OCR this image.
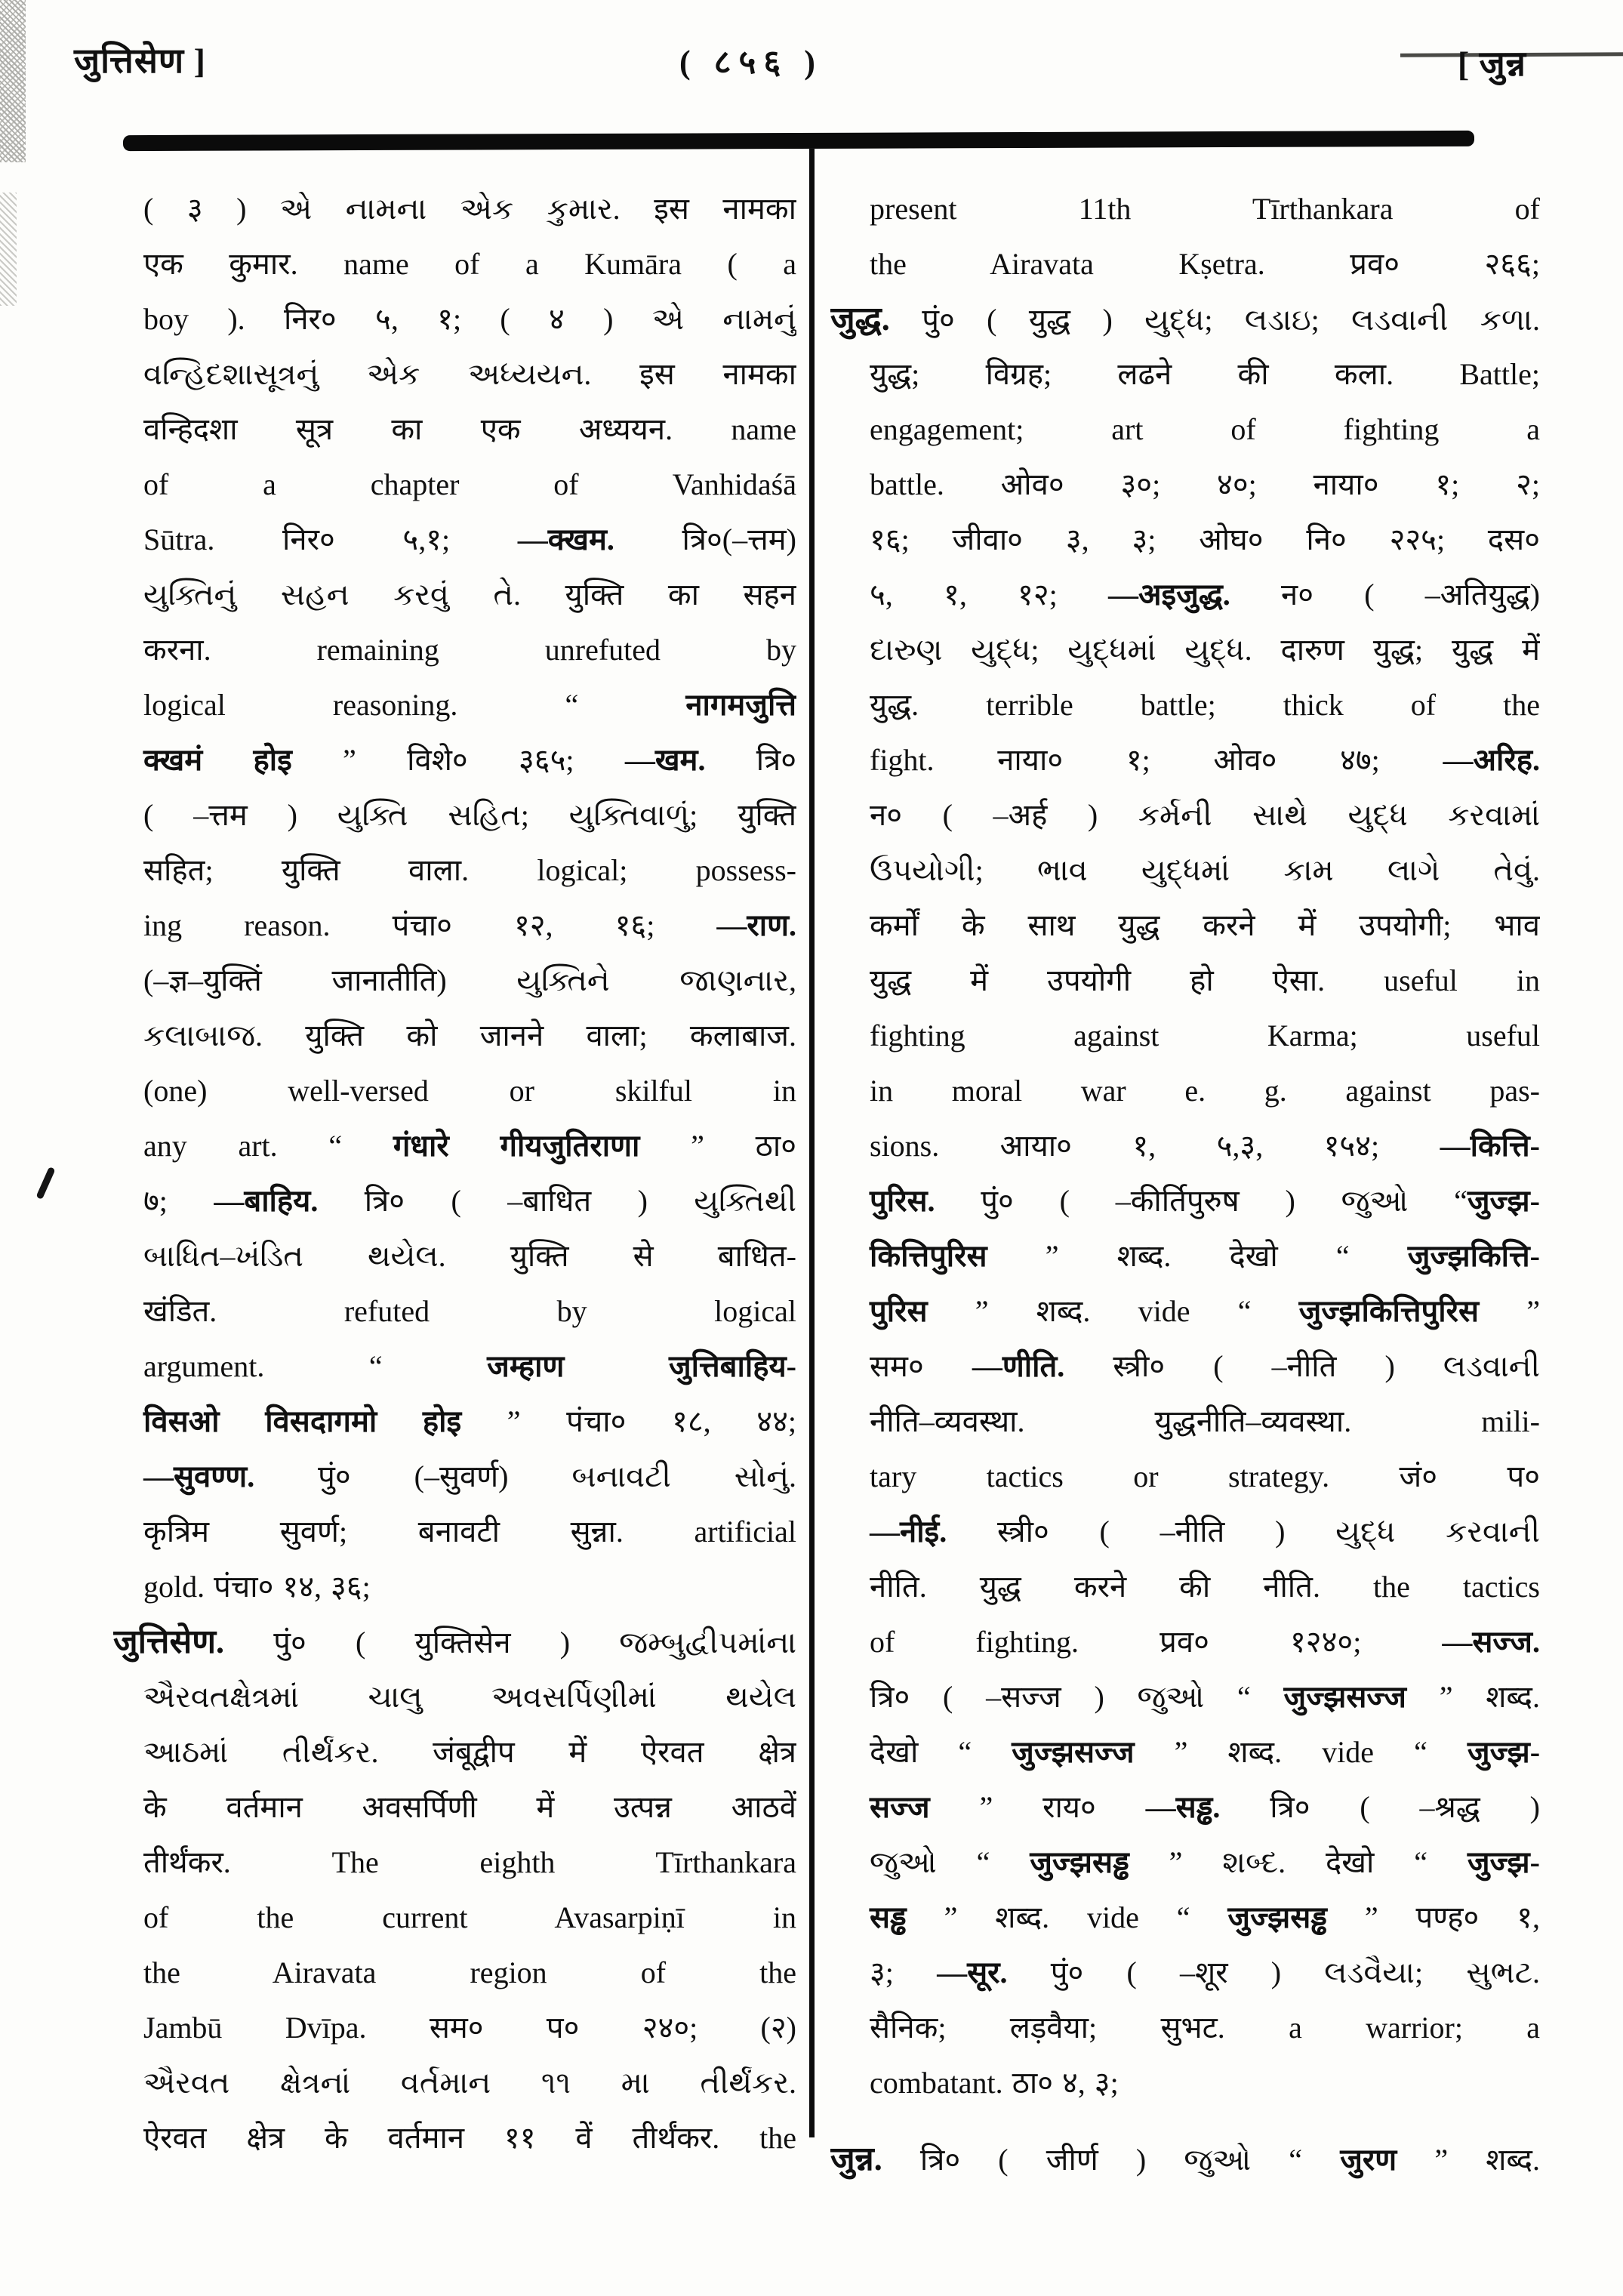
जुत्तिसेण ]	( ८५६ )	[ जुन्न
( ३ ) એ નામના એક કુમાર. इस नामका
एक कुमार. name of a Kumāra ( a
boy ). निर० ५, १; ( ४ ) એ નામનું
વન્હિદશાસૂત્રનું એક અધ્યયન. इस नामका
वन्हिदशा सूत्र का एक अध्ययन. name
of a chapter of Vanhidaśā
Sūtra. निर० ५,१; —क्खम. त्रि०(–त्तम)
યુક્તિનું સહન કરવું તે. युक्ति का सहन
करना. remaining unrefuted by
logical reasoning. “ नागमजुत्ति
क्खमं होइ ” विशे० ३६५; —खम. त्रि०
( –त्तम ) યુક્તિ સહિત; યુક્તિવાળું; युक्ति
सहित; युक्ति वाला. logical; possess-
ing reason. पंचा० १२, १६; —राण.
(–ज्ञ–युक्तिं जानातीति) યુક્તિને જાણનાર,
કલાબાજ. युक्ति को जानने वाला; कलाबाज.
(one) well-versed or skilful in
any art. “ गंधारे गीयजुतिराणा ” ठा०
७; —बाहिय. त्रि० ( –बाधित ) યુક્તિથી
બાધિત–ખંડિત થયેલ. युक्ति से बाधित-
खंडित. refuted by logical
argument. “ जम्हाण जुत्तिबाहिय-
विसओ विसदागमो होइ ” पंचा० १८, ४४;
—सुवण्ण. पुं० (–सुवर्ण) બનાવટી સોનું.
कृत्रिम सुवर्ण; बनावटी सुन्ना. artificial
gold. पंचा० १४, ३६;
जुत्तिसेण. पुं० ( युक्तिसेन ) જમ્બુદ્વીપમાંના
ઐરવતક્ષેત્રમાં ચાલુ અવસર્પિણીમાં થયેલ
આઠમાં તીર્થંકર. जंबूद्वीप में ऐरवत क्षेत्र
के वर्तमान अवसर्पिणी में उत्पन्न आठवें
तीर्थंकर. The eighth Tīrthankara
of the current Avasarpiṇī in
the Airavata region of the
Jambū Dvīpa. सम० प० २४०; (२)
ઐરવત ક્ષેત્રનાં વર્તમાન ૧૧ મા તીર્થંકર.
ऐरवत क्षेत्र के वर्तमान ११ वें तीर्थंकर. the
present 11th Tīrthankara of
the Airavata Kṣetra. प्रव० २६६;
जुद्ध. पुं० ( युद्ध ) યુદ્ધ; લડાઇ; લડવાની કળા.
युद्ध; विग्रह; लढने की कला. Battle;
engagement; art of fighting a
battle. ओव० ३०; ४०; नाया० १; २;
१६; जीवा० ३, ३; ओघ० नि० २२५; दस०
५, १, १२; —अइजुद्ध. न० ( –अतियुद्ध)
દારુણ યુદ્ધ; યુદ્ધમાં યુદ્ધ. दारुण युद्ध; युद्ध में
युद्ध. terrible battle; thick of the
fight. नाया० १; ओव० ४७; —अरिह.
न० ( –अर्ह ) કર્મની સાથે યુદ્ધ કરવામાં
ઉપયોગી; ભાવ યુદ્ધમાં કામ લાગે તેવું.
कर्मों के साथ युद्ध करने में उपयोगी; भाव
युद्ध में उपयोगी हो ऐसा. useful in
fighting against Karma; useful
in moral war e. g. against pas-
sions. आया० १, ५,३, १५४; —कित्ति-
पुरिस. पुं० ( –कीर्तिपुरुष ) જુઓ “जुज्झ-
कित्तिपुरिस ” शब्द. देखो “ जुज्झकित्ति-
पुरिस ” शब्द. vide “ जुज्झकित्तिपुरिस ”
सम० —णीति. स्त्री० ( –नीति ) લડવાની
नीति–व्यवस्था. युद्धनीति–व्यवस्था. mili-
tary tactics or strategy. जं० प०
—नीई. स्त्री० ( –नीति ) યુદ્ધ કરવાની
नीति. युद्ध करने की नीति. the tactics
of fighting. प्रव० १२४०; —सज्ज.
त्रि० ( –सज्ज ) જુઓ “ जुज्झसज्ज ” शब्द.
देखो “ जुज्झसज्ज ” शब्द. vide “ जुज्झ-
सज्ज ” राय० —सड्ढ. त्रि० ( –श्रद्ध )
જુઓ “ जुज्झसड्ढ ” શબ્દ. देखो “ जुज्झ-
सड्ढ ” शब्द. vide “ जुज्झसड्ढ ” पण्ह० १,
३; —सूर. पुं० ( –शूर ) લડવૈયા; સુભટ.
सैनिक; लड़वैया; सुभट. a warrior; a
combatant. ठा० ४, ३;
जुन्न. त्रि० ( जीर्ण ) જુઓ “ जुरण ” शब्द.
